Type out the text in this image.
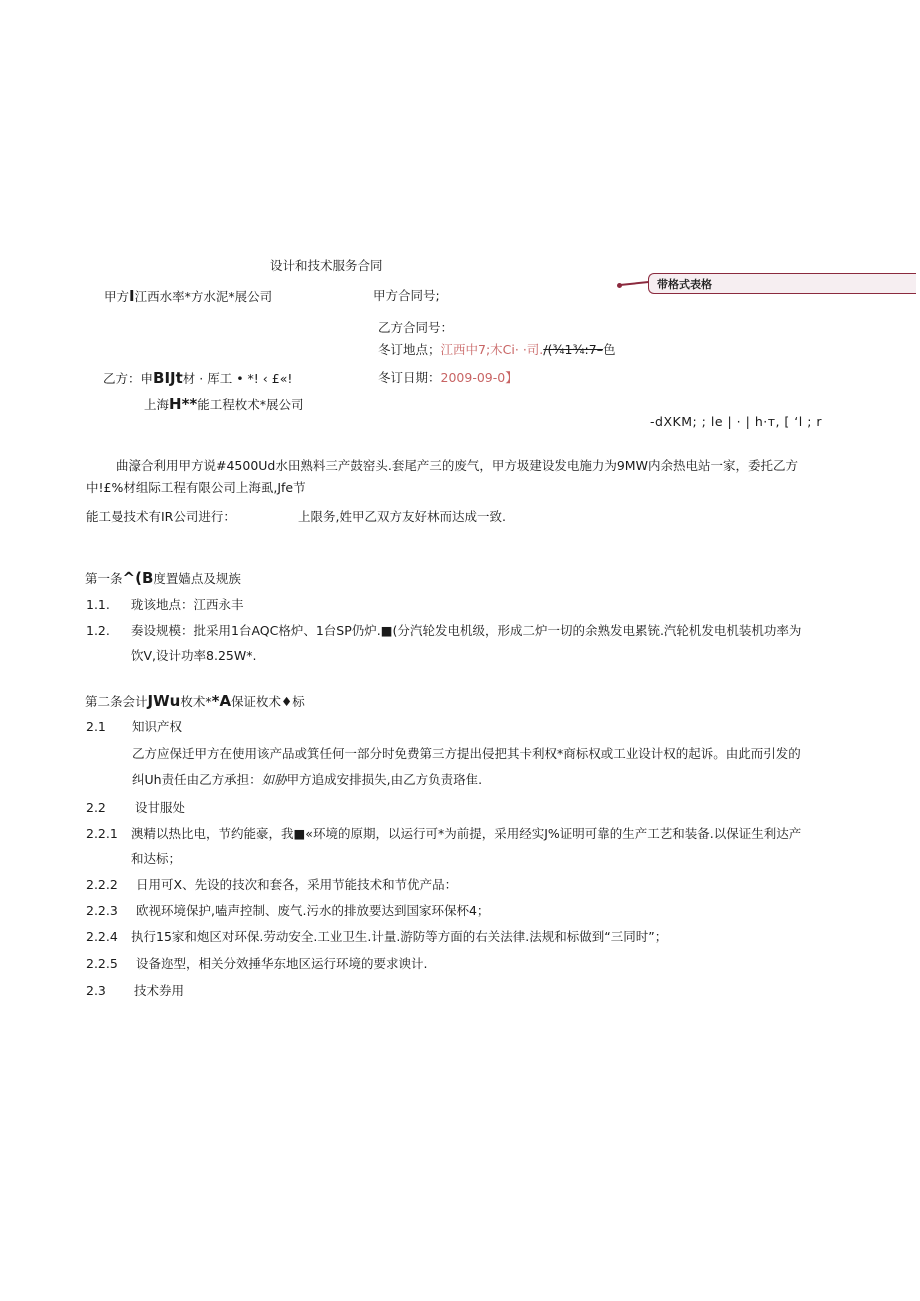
设计和技术服务合同
甲方I江西水率*方水泥*展公司	甲方合同号;
带格式表格
乙方合同号：
冬订地点；江西中7;木Ci· ·司./(¾1¾:7–色
乙方：申BIJt材 · 厍工 • *! ‹ £«!	冬订日期：2009-09-0】
上海H**能工程枚术*展公司
-dXKM; ; le | · | h·т, [ ‘l ; r
曲濠合利用甲方说#4500Ud水田熟料三产鼓窑头.套尾产三的废气，甲方圾建设发电施力为9MW内余热电站一家，委托乙方
中!£%材组际工程有限公司上海虱,Jfe节
能工曼技术有IR公司进行：	上限务,姓甲乙双方友好林而达成一致.
第一条^(B度置嫱点及规族
1.1. 珑该地点：江西永丰
1.2. 奏设规模：批采用1台AQC格炉、1台SP仍炉.■(分汽轮发电机级，形成二炉一切的余熟发电累铳.汽轮机发电机装机功率为
饮V,设计功率8.25W*.
第二条会计JWu枚术**A保证枚术♦标
2.1 知识产权
乙方应保迁甲方在使用该产品或箕任何一部分时免费第三方提出侵把其卡利权*商标权或工业设计权的起诉。由此而引发的
纠Uh责任由乙方承担：如胁甲方追成安排损失,由乙方负责珞隹.
2.2 设甘服处
2.2.1 澳精以热比电，节约能豪，我■«环境的原期，以运行可*为前提，采用经实J%证明可靠的生产工艺和装备.以保证生利达产
和达标；
2.2.2 日用可X、先设的技次和套各，采用节能技术和节优产品：
2.2.3 欧视环境保护,嗑声控制、废气.污水的排放要达到国家环保杯4；
2.2.4 执行15家和炮区对环保.劳动安全.工业卫生.计量.游防等方面的右关法律.法规和标做到“三同时”；
2.2.5 设备迩型，相关分效捶华东地区运行环境的要求谀计.
2.3 技术券用
